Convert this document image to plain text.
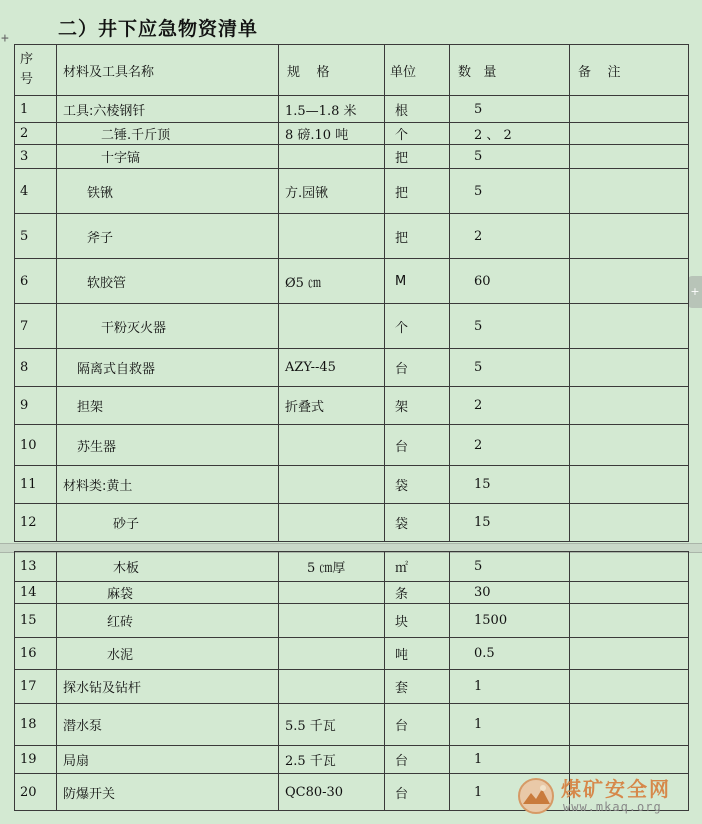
二）井下应急物资清单
+
+
序
号	材料及工具名称	规    格	单位	数   量	备    注
1	工具:六棱钢钎	1.5—1.8 米	根	5	
2	二锤.千斤顶	8 磅.10 吨	个	2 、 2	
3	十字镐		把	5	
4	铁锹	方.园锹	把	5	
5	斧子		把	2	
6	软胶管	Ø5 ㎝	M	60	
7	干粉灭火器		个	5	
8	隔离式自救器	AZY--45	台	5	
9	担架	折叠式	架	2	
10	苏生器		台	2	
11	材料类:黄土		袋	15	
12	砂子		袋	15	
13	木板	5 ㎝厚	㎡	5	
14	麻袋		条	30	
15	红砖		块	1500	
16	水泥		吨	0.5	
17	探水钻及钻杆		套	1	
18	潜水泵	5.5 千瓦	台	1	
19	局扇	2.5 千瓦	台	1	
20	防爆开关	QC80-30	台	1		煤矿安全网
www.mkaq.org
